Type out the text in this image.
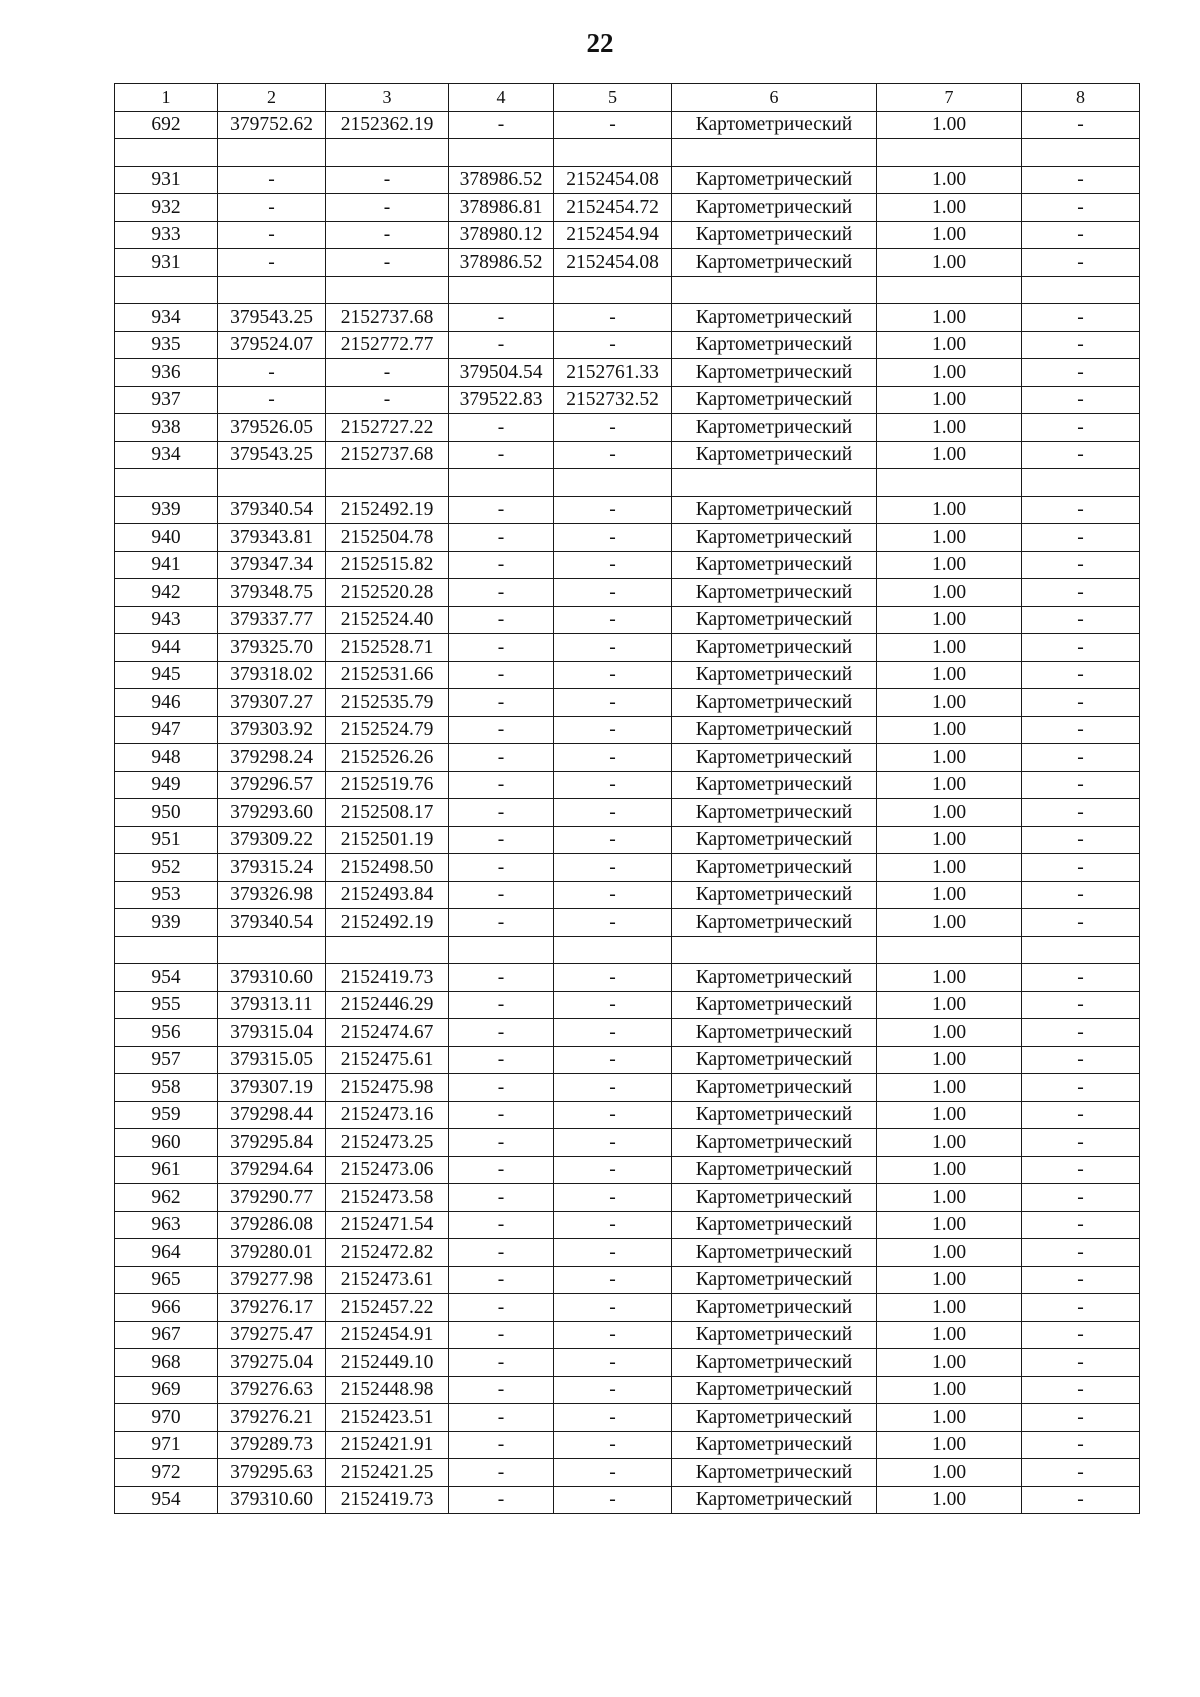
22
1	2	3	4	5	6	7	8
692	379752.62	2152362.19	-	-	Картометрический	1.00	-

931	-	-	378986.52	2152454.08	Картометрический	1.00	-
932	-	-	378986.81	2152454.72	Картометрический	1.00	-
933	-	-	378980.12	2152454.94	Картометрический	1.00	-
931	-	-	378986.52	2152454.08	Картометрический	1.00	-

934	379543.25	2152737.68	-	-	Картометрический	1.00	-
935	379524.07	2152772.77	-	-	Картометрический	1.00	-
936	-	-	379504.54	2152761.33	Картометрический	1.00	-
937	-	-	379522.83	2152732.52	Картометрический	1.00	-
938	379526.05	2152727.22	-	-	Картометрический	1.00	-
934	379543.25	2152737.68	-	-	Картометрический	1.00	-

939	379340.54	2152492.19	-	-	Картометрический	1.00	-
940	379343.81	2152504.78	-	-	Картометрический	1.00	-
941	379347.34	2152515.82	-	-	Картометрический	1.00	-
942	379348.75	2152520.28	-	-	Картометрический	1.00	-
943	379337.77	2152524.40	-	-	Картометрический	1.00	-
944	379325.70	2152528.71	-	-	Картометрический	1.00	-
945	379318.02	2152531.66	-	-	Картометрический	1.00	-
946	379307.27	2152535.79	-	-	Картометрический	1.00	-
947	379303.92	2152524.79	-	-	Картометрический	1.00	-
948	379298.24	2152526.26	-	-	Картометрический	1.00	-
949	379296.57	2152519.76	-	-	Картометрический	1.00	-
950	379293.60	2152508.17	-	-	Картометрический	1.00	-
951	379309.22	2152501.19	-	-	Картометрический	1.00	-
952	379315.24	2152498.50	-	-	Картометрический	1.00	-
953	379326.98	2152493.84	-	-	Картометрический	1.00	-
939	379340.54	2152492.19	-	-	Картометрический	1.00	-

954	379310.60	2152419.73	-	-	Картометрический	1.00	-
955	379313.11	2152446.29	-	-	Картометрический	1.00	-
956	379315.04	2152474.67	-	-	Картометрический	1.00	-
957	379315.05	2152475.61	-	-	Картометрический	1.00	-
958	379307.19	2152475.98	-	-	Картометрический	1.00	-
959	379298.44	2152473.16	-	-	Картометрический	1.00	-
960	379295.84	2152473.25	-	-	Картометрический	1.00	-
961	379294.64	2152473.06	-	-	Картометрический	1.00	-
962	379290.77	2152473.58	-	-	Картометрический	1.00	-
963	379286.08	2152471.54	-	-	Картометрический	1.00	-
964	379280.01	2152472.82	-	-	Картометрический	1.00	-
965	379277.98	2152473.61	-	-	Картометрический	1.00	-
966	379276.17	2152457.22	-	-	Картометрический	1.00	-
967	379275.47	2152454.91	-	-	Картометрический	1.00	-
968	379275.04	2152449.10	-	-	Картометрический	1.00	-
969	379276.63	2152448.98	-	-	Картометрический	1.00	-
970	379276.21	2152423.51	-	-	Картометрический	1.00	-
971	379289.73	2152421.91	-	-	Картометрический	1.00	-
972	379295.63	2152421.25	-	-	Картометрический	1.00	-
954	379310.60	2152419.73	-	-	Картометрический	1.00	-
